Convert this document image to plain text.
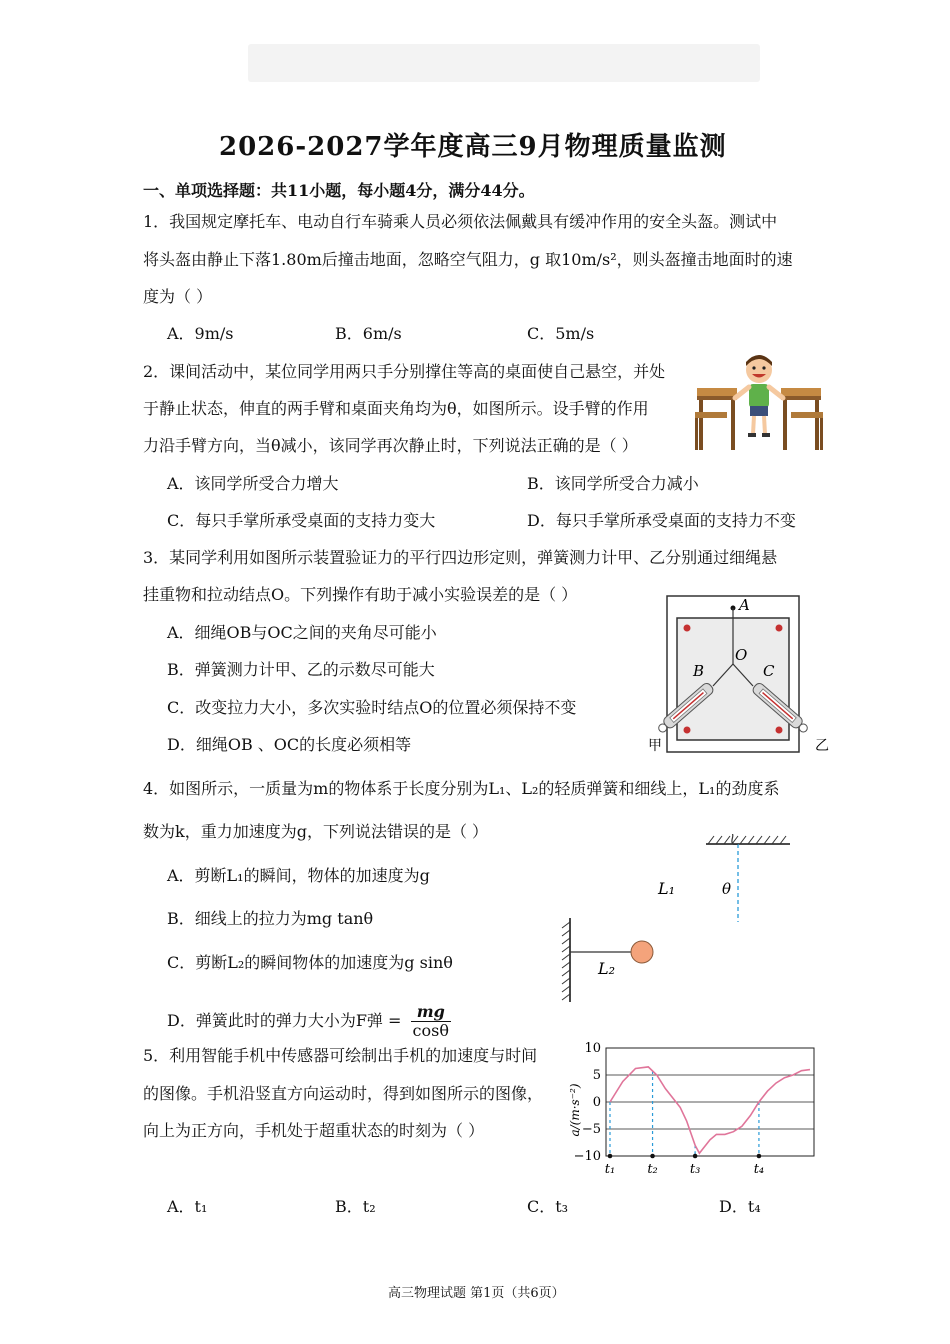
2026-2027学年度高三9月物理质量监测
一、单项选择题：共11小题，每小题4分，满分44分。
1．我国规定摩托车、电动自行车骑乘人员必须依法佩戴具有缓冲作用的安全头盔。测试中
将头盔由静止下落1.80m后撞击地面，忽略空气阻力，g 取10m/s²，则头盔撞击地面时的速
度为（ ）
A．9m/s	B．6m/s	C．5m/s
2．课间活动中，某位同学用两只手分别撑住等高的桌面使自己悬空，并处
于静止状态，伸直的两手臂和桌面夹角均为θ，如图所示。设手臂的作用
力沿手臂方向，当θ减小，该同学再次静止时，下列说法正确的是（ ）
A．该同学所受合力增大	B．该同学所受合力减小
C．每只手掌所承受桌面的支持力变大	D．每只手掌所承受桌面的支持力不变
3．某同学利用如图所示装置验证力的平行四边形定则，弹簧测力计甲、乙分别通过细绳悬
挂重物和拉动结点O。下列操作有助于减小实验误差的是（ ）
A．细绳OB与OC之间的夹角尽可能小
B．弹簧测力计甲、乙的示数尽可能大
C．改变拉力大小，多次实验时结点O的位置必须保持不变
D．细绳OB 、OC的长度必须相等
A
O
B	C
甲	乙
4．如图所示，一质量为m的物体系于长度分别为L₁、L₂的轻质弹簧和细线上，L₁的劲度系
数为k，重力加速度为g，下列说法错误的是（ ）
A．剪断L₁的瞬间，物体的加速度为g
B．细线上的拉力为mg tanθ
C．剪断L₂的瞬间物体的加速度为g sinθ
D．弹簧此时的弹力大小为F弹 = $\frac{mg}{\cos\theta}$
L₁
L₂
θ
5．利用智能手机中传感器可绘制出手机的加速度与时间
的图像。手机沿竖直方向运动时，得到如图所示的图像，
向上为正方向，手机处于超重状态的时刻为（ ）
A．t₁	B．t₂	C．t₃	D．t₄
10
5
0
−5
−10
t₁ t₂ t₃	t₄
a/(m·s⁻²)
高三物理试题 第1页（共6页）
